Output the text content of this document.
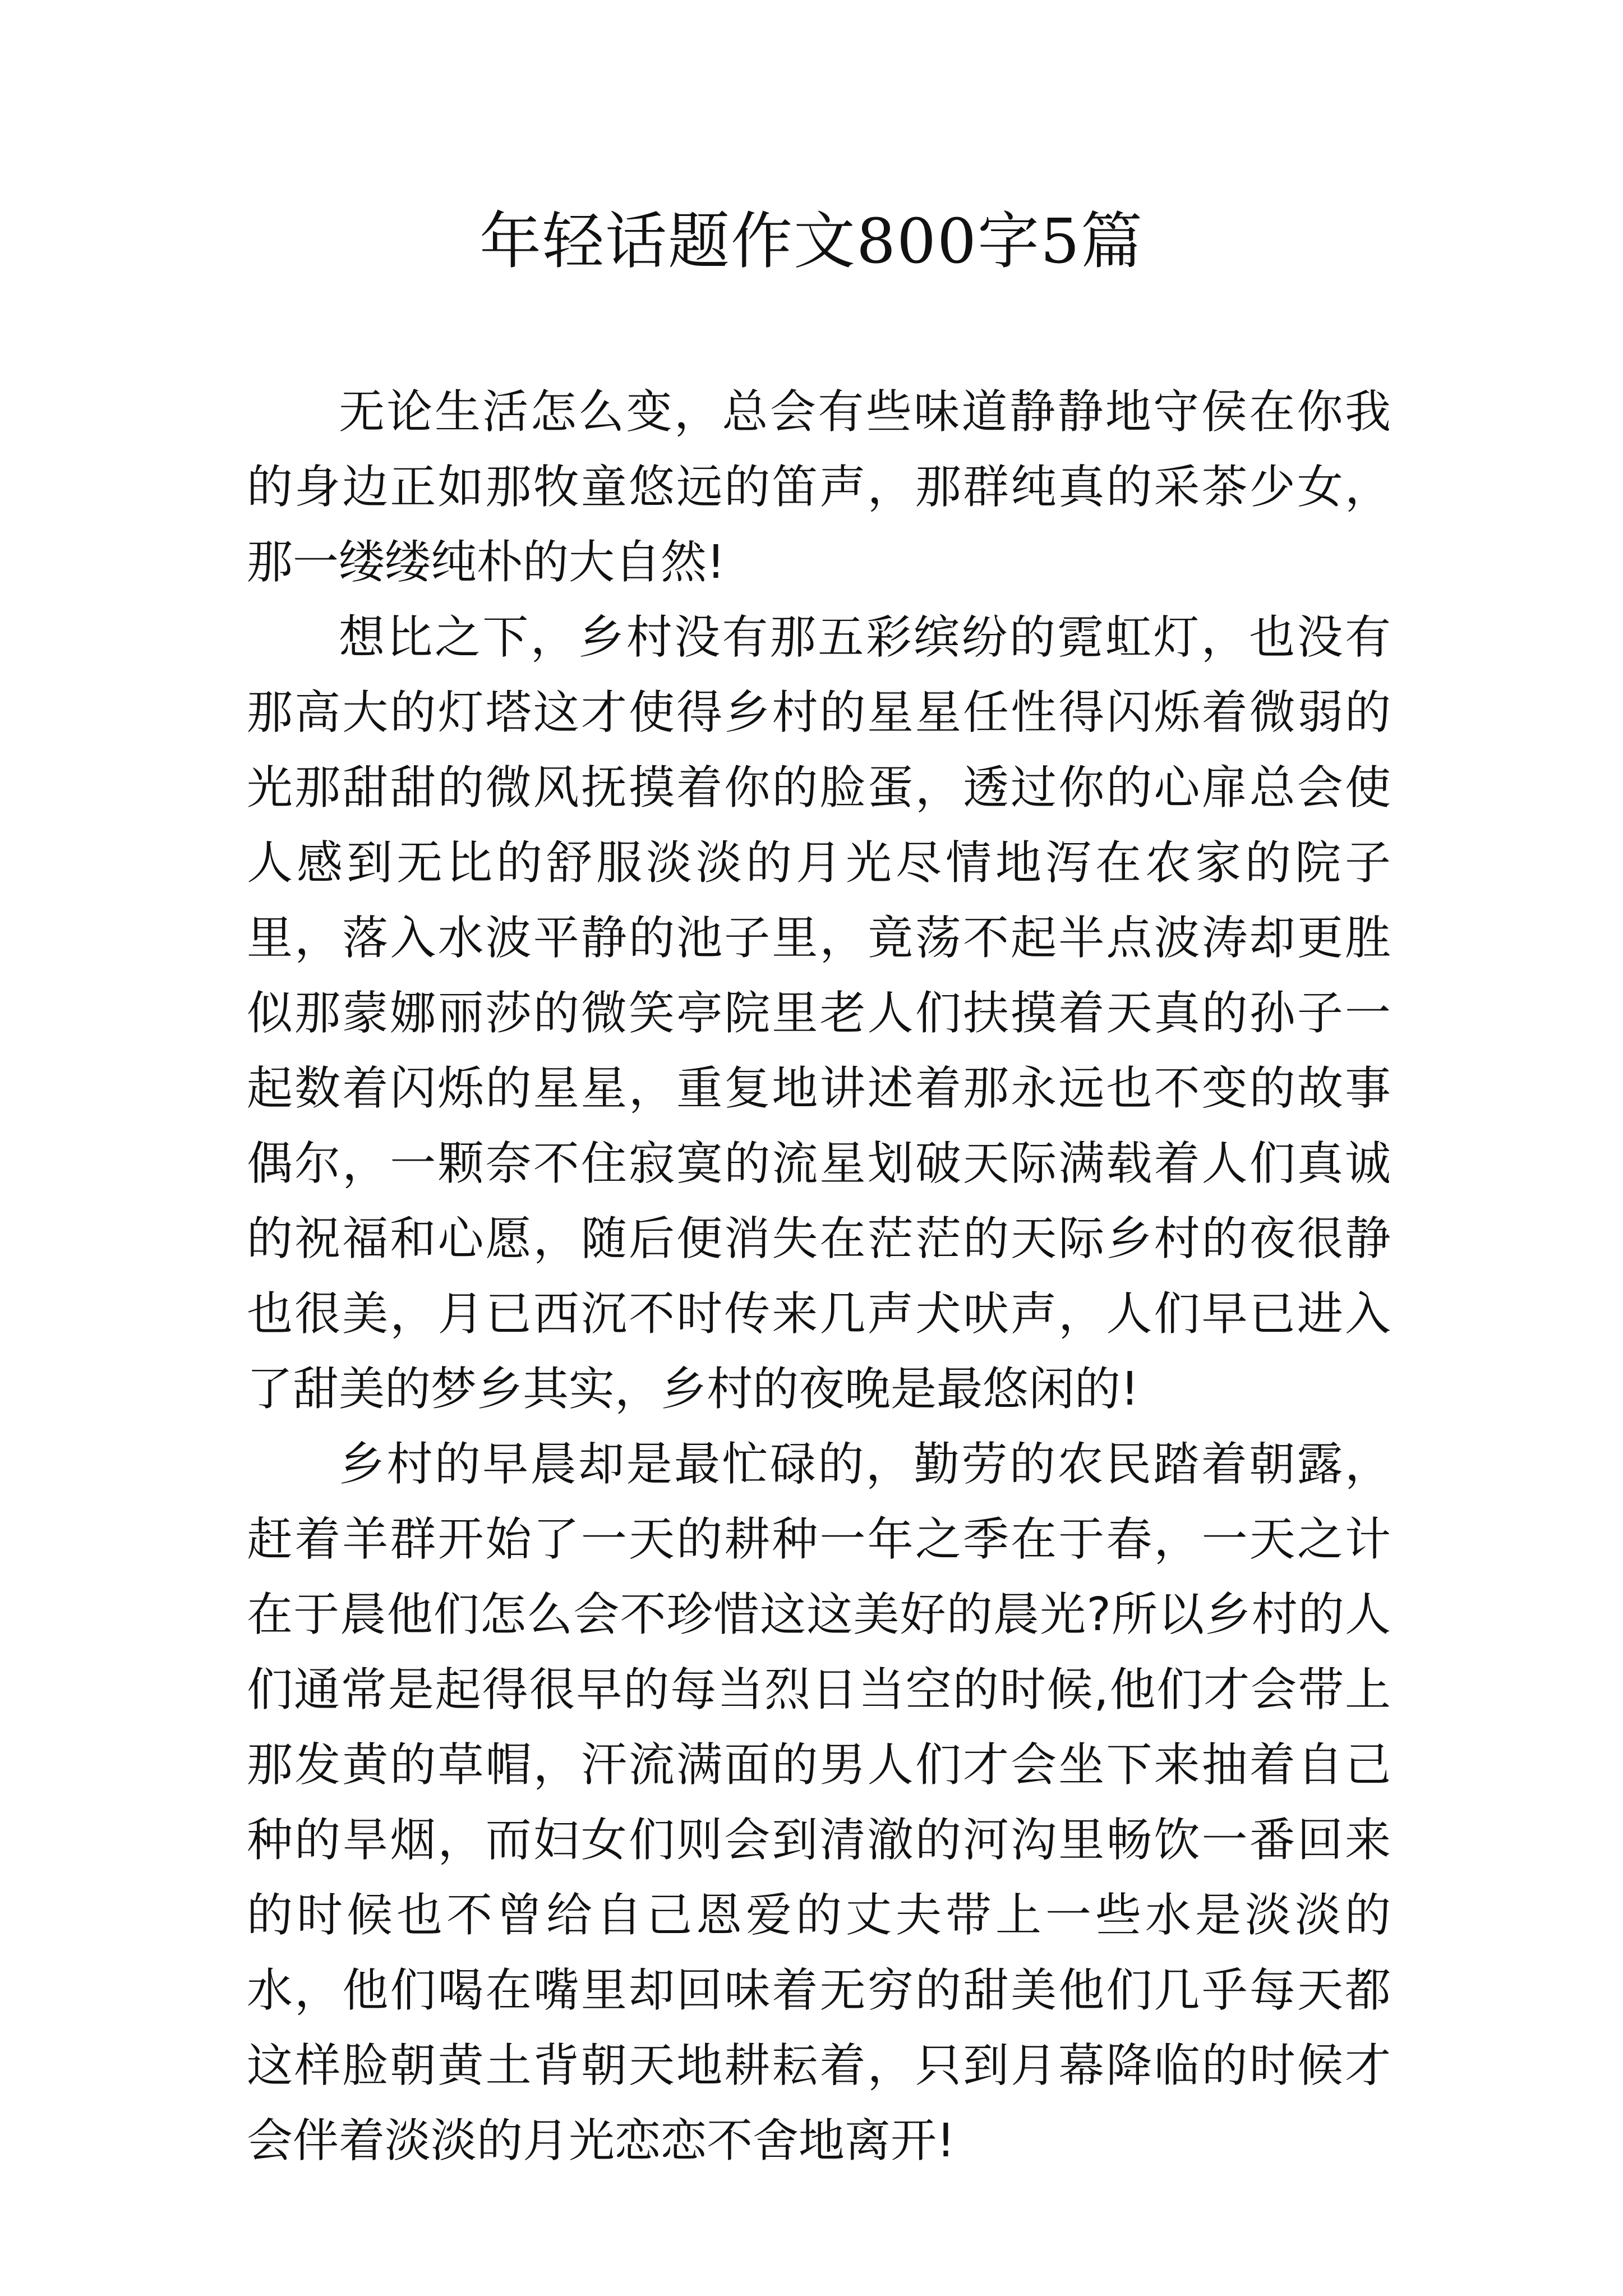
年轻话题作文800字5篇

无论生活怎么变，总会有些味道静静地守侯在你我的身边正如那牧童悠远的笛声，那群纯真的采茶少女，那一缕缕纯朴的大自然!

想比之下，乡村没有那五彩缤纷的霓虹灯，也没有那高大的灯塔这才使得乡村的星星任性得闪烁着微弱的光那甜甜的微风抚摸着你的脸蛋，透过你的心扉总会使人感到无比的舒服淡淡的月光尽情地泻在农家的院子里，落入水波平静的池子里，竟荡不起半点波涛却更胜似那蒙娜丽莎的微笑亭院里老人们扶摸着天真的孙子一起数着闪烁的星星，重复地讲述着那永远也不变的故事偶尔，一颗奈不住寂寞的流星划破天际满载着人们真诚的祝福和心愿，随后便消失在茫茫的天际乡村的夜很静也很美，月已西沉不时传来几声犬吠声，人们早已进入了甜美的梦乡其实，乡村的夜晚是最悠闲的!

乡村的早晨却是最忙碌的，勤劳的农民踏着朝露，赶着羊群开始了一天的耕种一年之季在于春，一天之计在于晨他们怎么会不珍惜这这美好的晨光?所以乡村的人们通常是起得很早的每当烈日当空的时候,他们才会带上那发黄的草帽，汗流满面的男人们才会坐下来抽着自己种的旱烟，而妇女们则会到清澈的河沟里畅饮一番回来的时候也不曾给自己恩爱的丈夫带上一些水是淡淡的水，他们喝在嘴里却回味着无穷的甜美他们几乎每天都这样脸朝黄土背朝天地耕耘着，只到月幕降临的时候才会伴着淡淡的月光恋恋不舍地离开!
